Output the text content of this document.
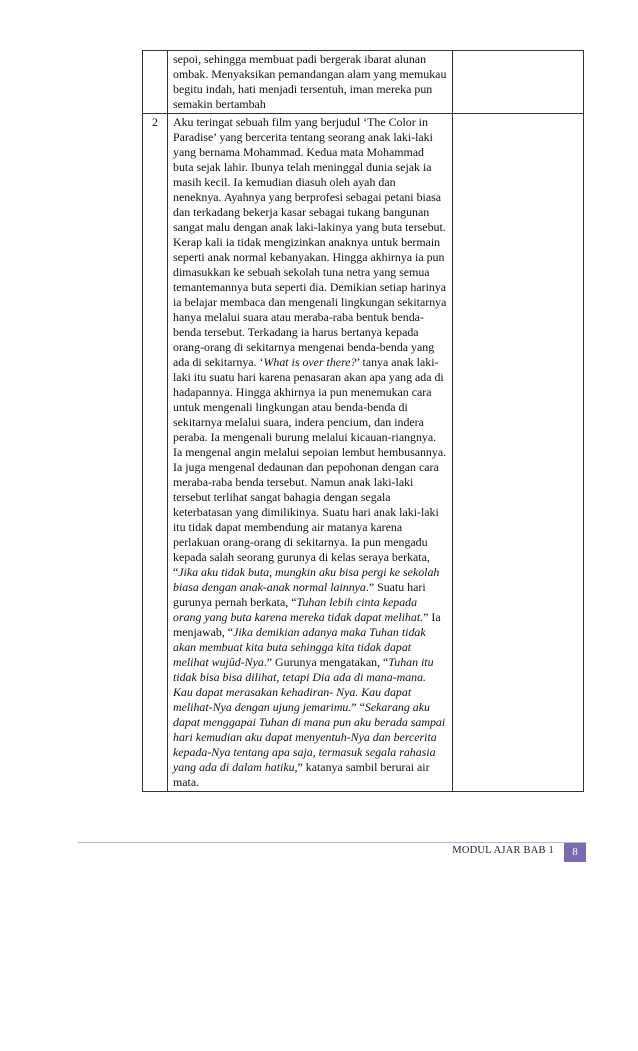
	sepoi, sehingga membuat padi bergerak ibarat alunan ombak. Menyaksikan pemandangan alam yang memukau begitu indah, hati menjadi tersentuh, iman mereka pun semakin bertambah	

2	Aku teringat sebuah film yang berjudul ‘The Color in Paradise’ yang bercerita tentang seorang anak laki-laki yang bernama Mohammad. Kedua mata Mohammad buta sejak lahir. Ibunya telah meninggal dunia sejak ia masih kecil. Ia kemudian diasuh oleh ayah dan neneknya. Ayahnya yang berprofesi sebagai petani biasa dan terkadang bekerja kasar sebagai tukang bangunan sangat malu dengan anak laki-lakinya yang buta tersebut. Kerap kali ia tidak mengizinkan anaknya untuk bermain seperti anak normal kebanyakan. Hingga akhirnya ia pun dimasukkan ke sebuah sekolah tuna netra yang semua temantemannya buta seperti dia. Demikian setiap harinya ia belajar membaca dan mengenali lingkungan sekitarnya hanya melalui suara atau meraba-raba bentuk benda-benda tersebut. Terkadang ia harus bertanya kepada orang-orang di sekitarnya mengenai benda-benda yang ada di sekitarnya. ‘What is over there?’ tanya anak laki-laki itu suatu hari karena penasaran akan apa yang ada di hadapannya. Hingga akhirnya ia pun menemukan cara untuk mengenali lingkungan atau benda-benda di sekitarnya melalui suara, indera pencium, dan indera peraba. Ia mengenali burung melalui kicauan-riangnya. Ia mengenal angin melalui sepoian lembut hembusannya. Ia juga mengenal dedaunan dan pepohonan dengan cara meraba-raba benda tersebut. Namun anak laki-laki tersebut terlihat sangat bahagia dengan segala keterbatasan yang dimilikinya. Suatu hari anak laki-laki itu tidak dapat membendung air matanya karena perlakuan orang-orang di sekitarnya. Ia pun mengadu kepada salah seorang gurunya di kelas seraya berkata, “Jika aku tidak buta, mungkin aku bisa pergi ke sekolah biasa dengan anak-anak normal lainnya.” Suatu hari gurunya pernah berkata, “Tuhan lebih cinta kepada orang yang buta karena mereka tidak dapat melihat.” Ia menjawab, “Jika demikian adanya maka Tuhan tidak akan membuat kita buta sehingga kita tidak dapat melihat wujūd-Nya.” Gurunya mengatakan, “Tuhan itu tidak bisa bisa dilihat, tetapi Dia ada di mana-mana. Kau dapat merasakan kehadiran- Nya. Kau dapat melihat-Nya dengan ujung jemarimu.” “Sekarang aku dapat menggapai Tuhan di mana pun aku berada sampai hari kemudian aku dapat menyentuh-Nya dan bercerita kepada-Nya tentang apa saja, termasuk segala rahasia yang ada di dalam hatiku,” katanya sambil berurai air mata.	

MODUL AJAR BAB 1	8
